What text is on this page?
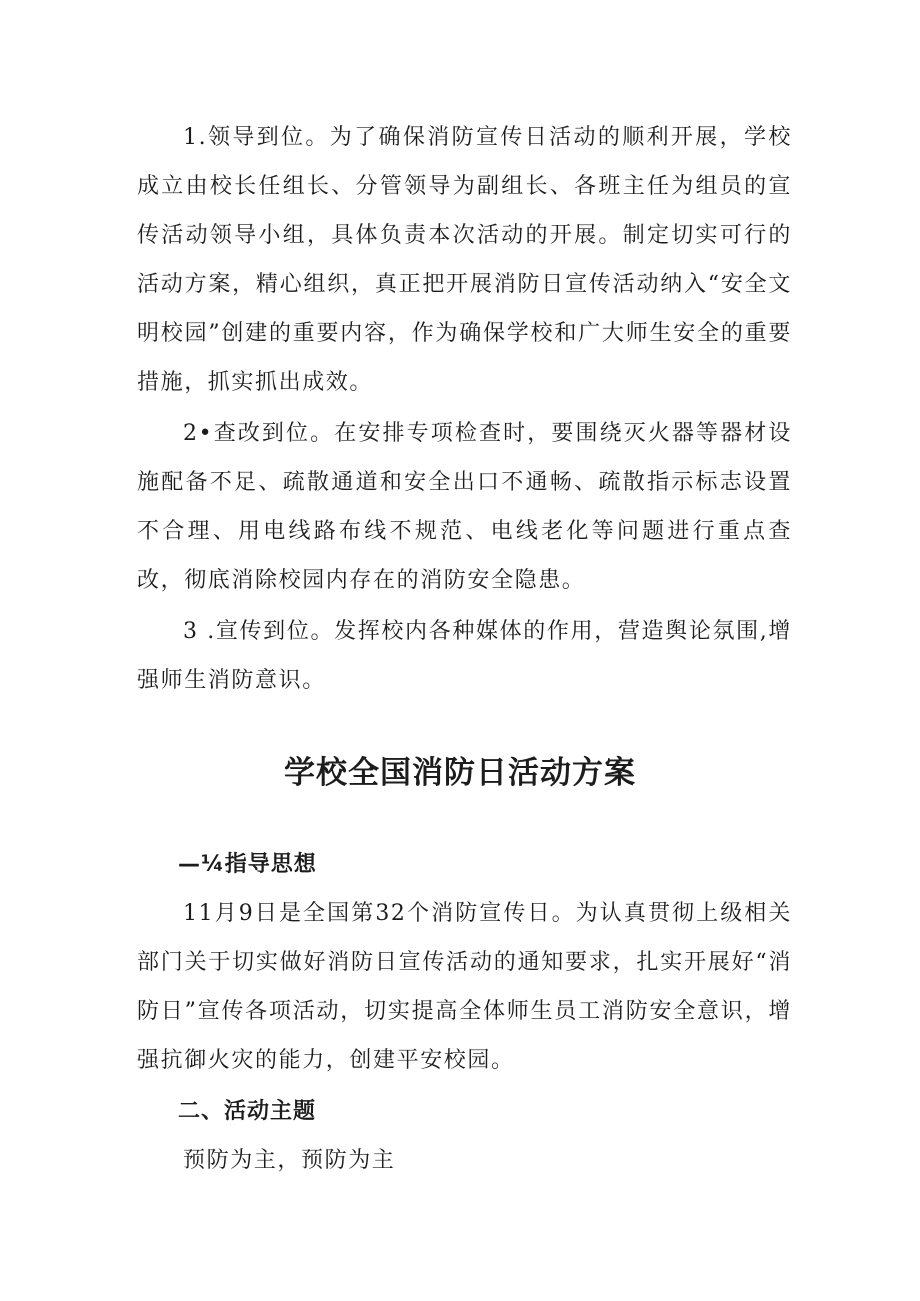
1.领导到位。为了确保消防宣传日活动的顺利开展，学校成立由校长任组长、分管领导为副组长、各班主任为组员的宣传活动领导小组，具体负责本次活动的开展。制定切实可行的活动方案，精心组织，真正把开展消防日宣传活动纳入“安全文明校园”创建的重要内容，作为确保学校和广大师生安全的重要措施，抓实抓出成效。

2•查改到位。在安排专项检查时，要围绕灭火器等器材设施配备不足、疏散通道和安全出口不通畅、疏散指示标志设置不合理、用电线路布线不规范、电线老化等问题进行重点查改，彻底消除校园内存在的消防安全隐患。

3 .宣传到位。发挥校内各种媒体的作用，营造舆论氛围,增强师生消防意识。

学校全国消防日活动方案
—¼指导思想

11月9日是全国第32个消防宣传日。为认真贯彻上级相关部门关于切实做好消防日宣传活动的通知要求，扎实开展好“消防日”宣传各项活动，切实提高全体师生员工消防安全意识，增强抗御火灾的能力，创建平安校园。

二、活动主题

预防为主，预防为主
